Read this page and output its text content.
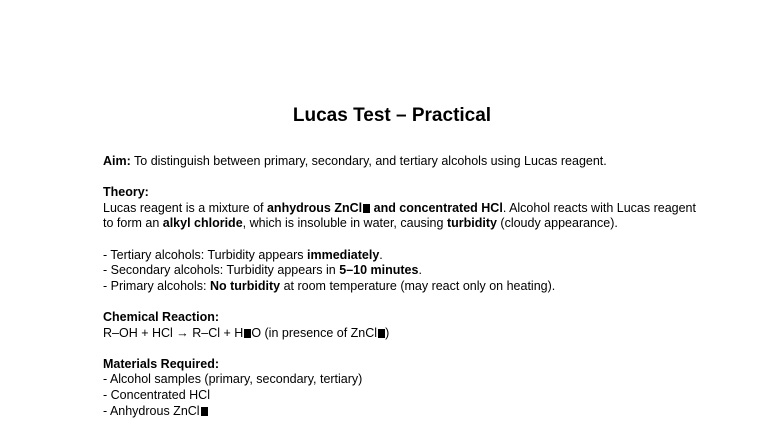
Lucas Test – Practical

Aim: To distinguish between primary, secondary, and tertiary alcohols using Lucas reagent.

Theory:

Lucas reagent is a mixture of anhydrous ZnCl and concentrated HCl. Alcohol reacts with Lucas reagent to form an alkyl chloride, which is insoluble in water, causing turbidity (cloudy appearance).

- Tertiary alcohols: Turbidity appears immediately.

- Secondary alcohols: Turbidity appears in 5–10 minutes.

- Primary alcohols: No turbidity at room temperature (may react only on heating).

Chemical Reaction:

R–OH + HCl → R–Cl + H O (in presence of ZnCl )

Materials Required:

- Alcohol samples (primary, secondary, tertiary)

- Concentrated HCl

- Anhydrous ZnCl
